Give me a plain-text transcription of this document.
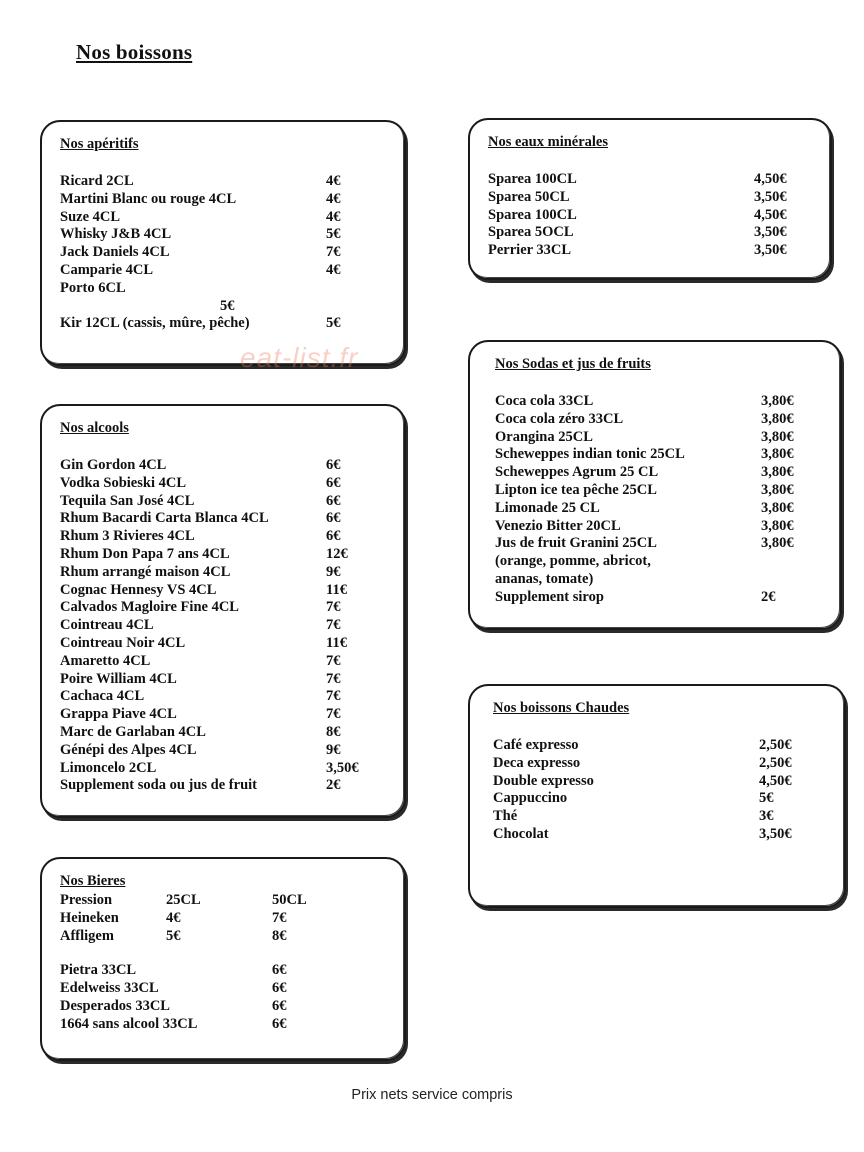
Nos boissons
Nos apéritifs
Ricard 2CL	4€
Martini Blanc ou rouge 4CL	4€
Suze 4CL	4€
Whisky J&B 4CL	5€
Jack Daniels 4CL	7€
Camparie 4CL	4€
Porto 6CL
5€
Kir 12CL (cassis, mûre, pêche)	5€
Nos alcools
Gin Gordon 4CL	6€
Vodka Sobieski 4CL	6€
Tequila San José 4CL	6€
Rhum Bacardi Carta Blanca 4CL	6€
Rhum 3 Rivieres 4CL	6€
Rhum Don Papa 7 ans 4CL	12€
Rhum arrangé maison 4CL	9€
Cognac Hennesy VS 4CL	11€
Calvados Magloire Fine 4CL	7€
Cointreau 4CL	7€
Cointreau Noir 4CL	11€
Amaretto 4CL	7€
Poire William 4CL	7€
Cachaca 4CL	7€
Grappa Piave 4CL	7€
Marc de Garlaban 4CL	8€
Génépi des Alpes 4CL	9€
Limoncelo 2CL	3,50€
Supplement soda ou jus de fruit	2€
Nos Bieres
Pression	25CL	50CL
Heineken	4€	7€
Affligem	5€	8€
Pietra 33CL	6€
Edelweiss 33CL	6€
Desperados 33CL	6€
1664 sans alcool 33CL	6€
Nos eaux minérales
Sparea 100CL	4,50€
Sparea 50CL	3,50€
Sparea 100CL	4,50€
Sparea 5OCL	3,50€
Perrier 33CL	3,50€
Nos Sodas et jus de fruits
Coca cola 33CL	3,80€
Coca cola zéro 33CL	3,80€
Orangina 25CL	3,80€
Scheweppes indian tonic 25CL	3,80€
Scheweppes Agrum 25 CL	3,80€
Lipton ice tea pêche 25CL	3,80€
Limonade 25 CL	3,80€
Venezio Bitter 20CL	3,80€
Jus de fruit Granini 25CL	3,80€
(orange, pomme, abricot,
ananas, tomate)
Supplement sirop	2€
Nos boissons Chaudes
Café expresso	2,50€
Deca expresso	2,50€
Double expresso	4,50€
Cappuccino	5€
Thé	3€
Chocolat	3,50€
eat-list.fr
Prix nets service compris
